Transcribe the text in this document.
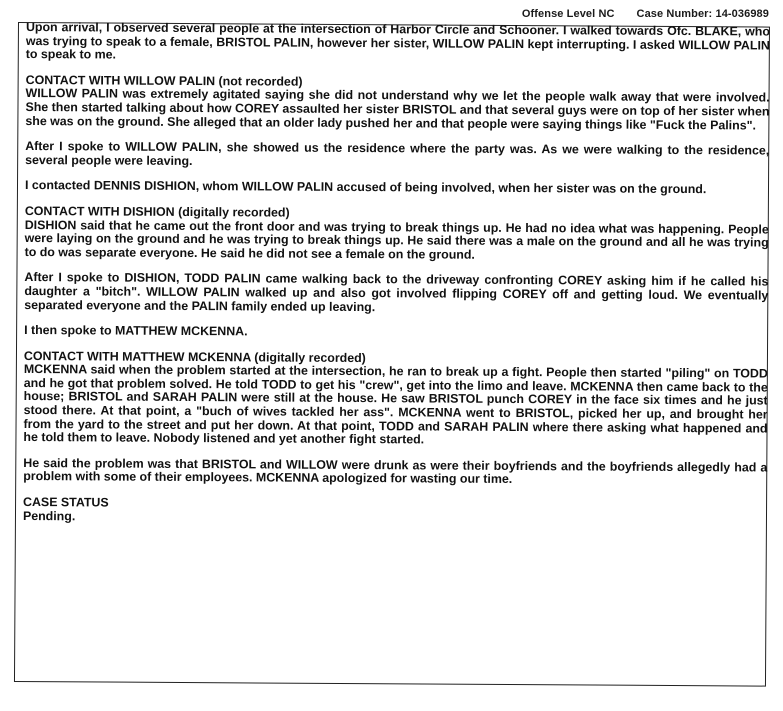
Offense Level NC Case Number: 14-036989

Upon arrival, I observed several people at the intersection of Harbor Circle and Schooner. I walked towards Ofc. BLAKE, who was trying to speak to a female, BRISTOL PALIN, however her sister, WILLOW PALIN kept interrupting. I asked WILLOW PALIN to speak to me.

CONTACT WITH WILLOW PALIN (not recorded)
WILLOW PALIN was extremely agitated saying she did not understand why we let the people walk away that were involved. She then started talking about how COREY assaulted her sister BRISTOL and that several guys were on top of her sister when she was on the ground. She alleged that an older lady pushed her and that people were saying things like "Fuck the Palins".

After I spoke to WILLOW PALIN, she showed us the residence where the party was. As we were walking to the residence, several people were leaving.

I contacted DENNIS DISHION, whom WILLOW PALIN accused of being involved, when her sister was on the ground.

CONTACT WITH DISHION (digitally recorded)
DISHION said that he came out the front door and was trying to break things up. He had no idea what was happening. People were laying on the ground and he was trying to break things up. He said there was a male on the ground and all he was trying to do was separate everyone. He said he did not see a female on the ground.

After I spoke to DISHION, TODD PALIN came walking back to the driveway confronting COREY asking him if he called his daughter a "bitch". WILLOW PALIN walked up and also got involved flipping COREY off and getting loud. We eventually separated everyone and the PALIN family ended up leaving.

I then spoke to MATTHEW MCKENNA.

CONTACT WITH MATTHEW MCKENNA (digitally recorded)
MCKENNA said when the problem started at the intersection, he ran to break up a fight. People then started "piling" on TODD and he got that problem solved. He told TODD to get his "crew", get into the limo and leave. MCKENNA then came back to the house; BRISTOL and SARAH PALIN were still at the house. He saw BRISTOL punch COREY in the face six times and he just stood there. At that point, a "buch of wives tackled her ass". MCKENNA went to BRISTOL, picked her up, and brought her from the yard to the street and put her down. At that point, TODD and SARAH PALIN where there asking what happened and he told them to leave. Nobody listened and yet another fight started.

He said the problem was that BRISTOL and WILLOW were drunk as were their boyfriends and the boyfriends allegedly had a problem with some of their employees. MCKENNA apologized for wasting our time.

CASE STATUS
Pending.
